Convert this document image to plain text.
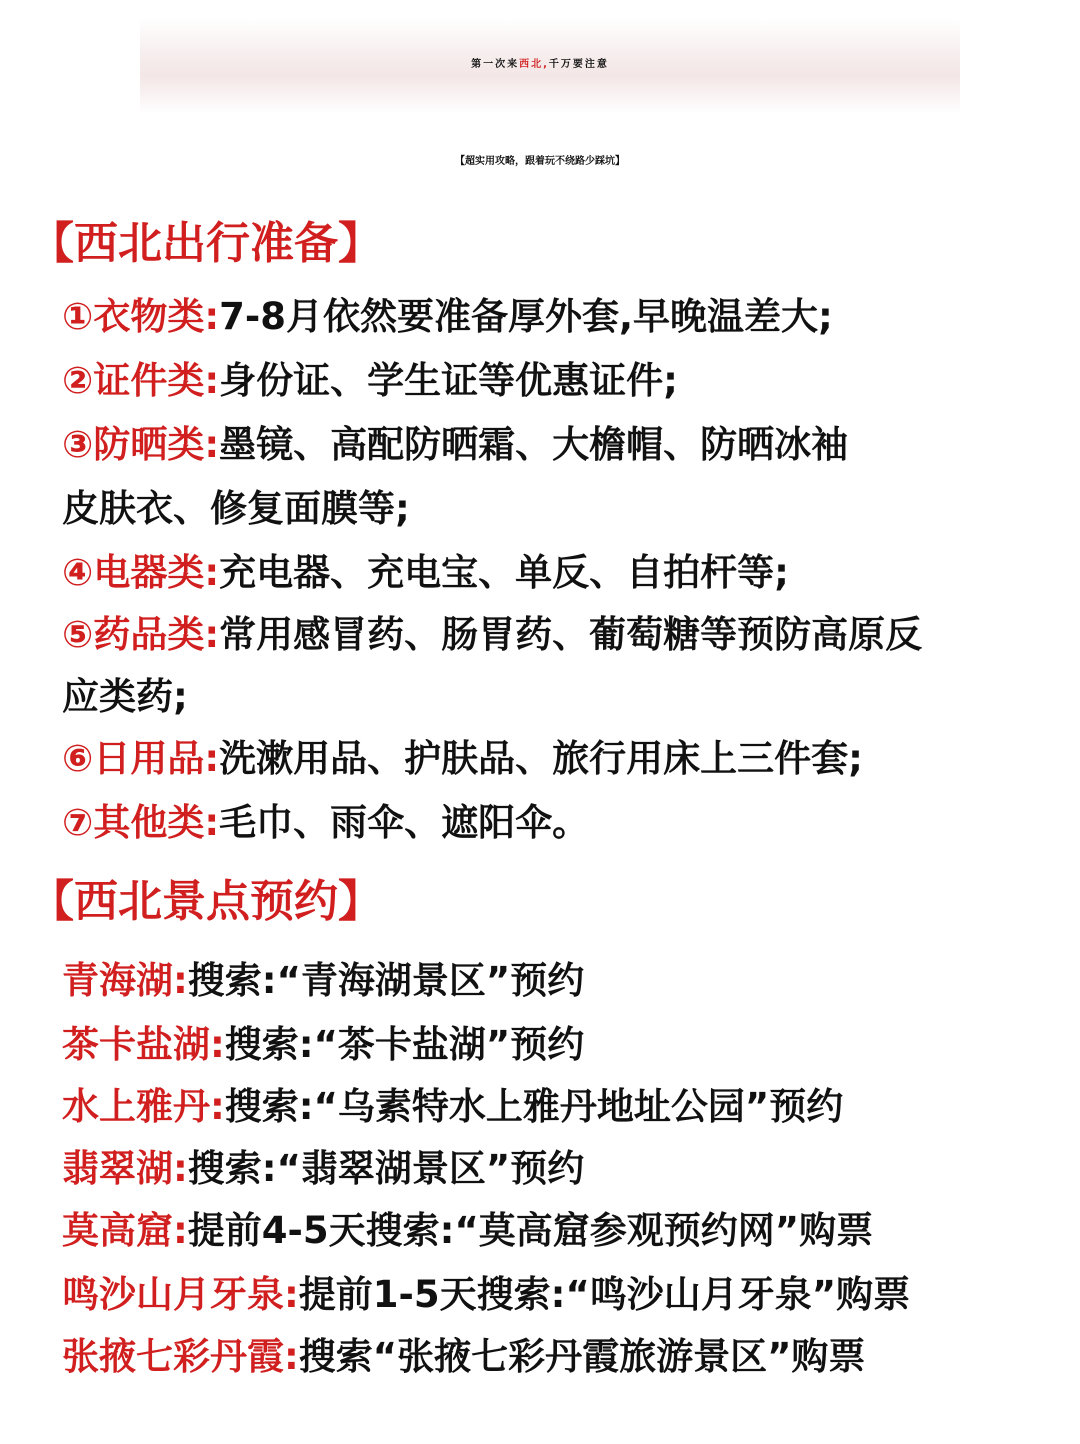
第一次来西北,千万要注意
【超实用攻略，跟着玩不绕路少踩坑】
【西北出行准备】
①衣物类:7-8月依然要准备厚外套,早晚温差大;
②证件类:身份证、学生证等优惠证件;
③防晒类:墨镜、高配防晒霜、大檐帽、防晒冰袖
皮肤衣、修复面膜等;
④电器类:充电器、充电宝、单反、自拍杆等;
⑤药品类:常用感冒药、肠胃药、葡萄糖等预防高原反
应类药;
⑥日用品:洗漱用品、护肤品、旅行用床上三件套;
⑦其他类:毛巾、雨伞、遮阳伞。
【西北景点预约】
青海湖:搜索:“青海湖景区”预约
茶卡盐湖:搜索:“茶卡盐湖”预约
水上雅丹:搜索:“乌素特水上雅丹地址公园”预约
翡翠湖:搜索:“翡翠湖景区”预约
莫高窟:提前4-5天搜索:“莫高窟参观预约网”购票
鸣沙山月牙泉:提前1-5天搜索:“鸣沙山月牙泉”购票
张掖七彩丹霞:搜索“张掖七彩丹霞旅游景区”购票
